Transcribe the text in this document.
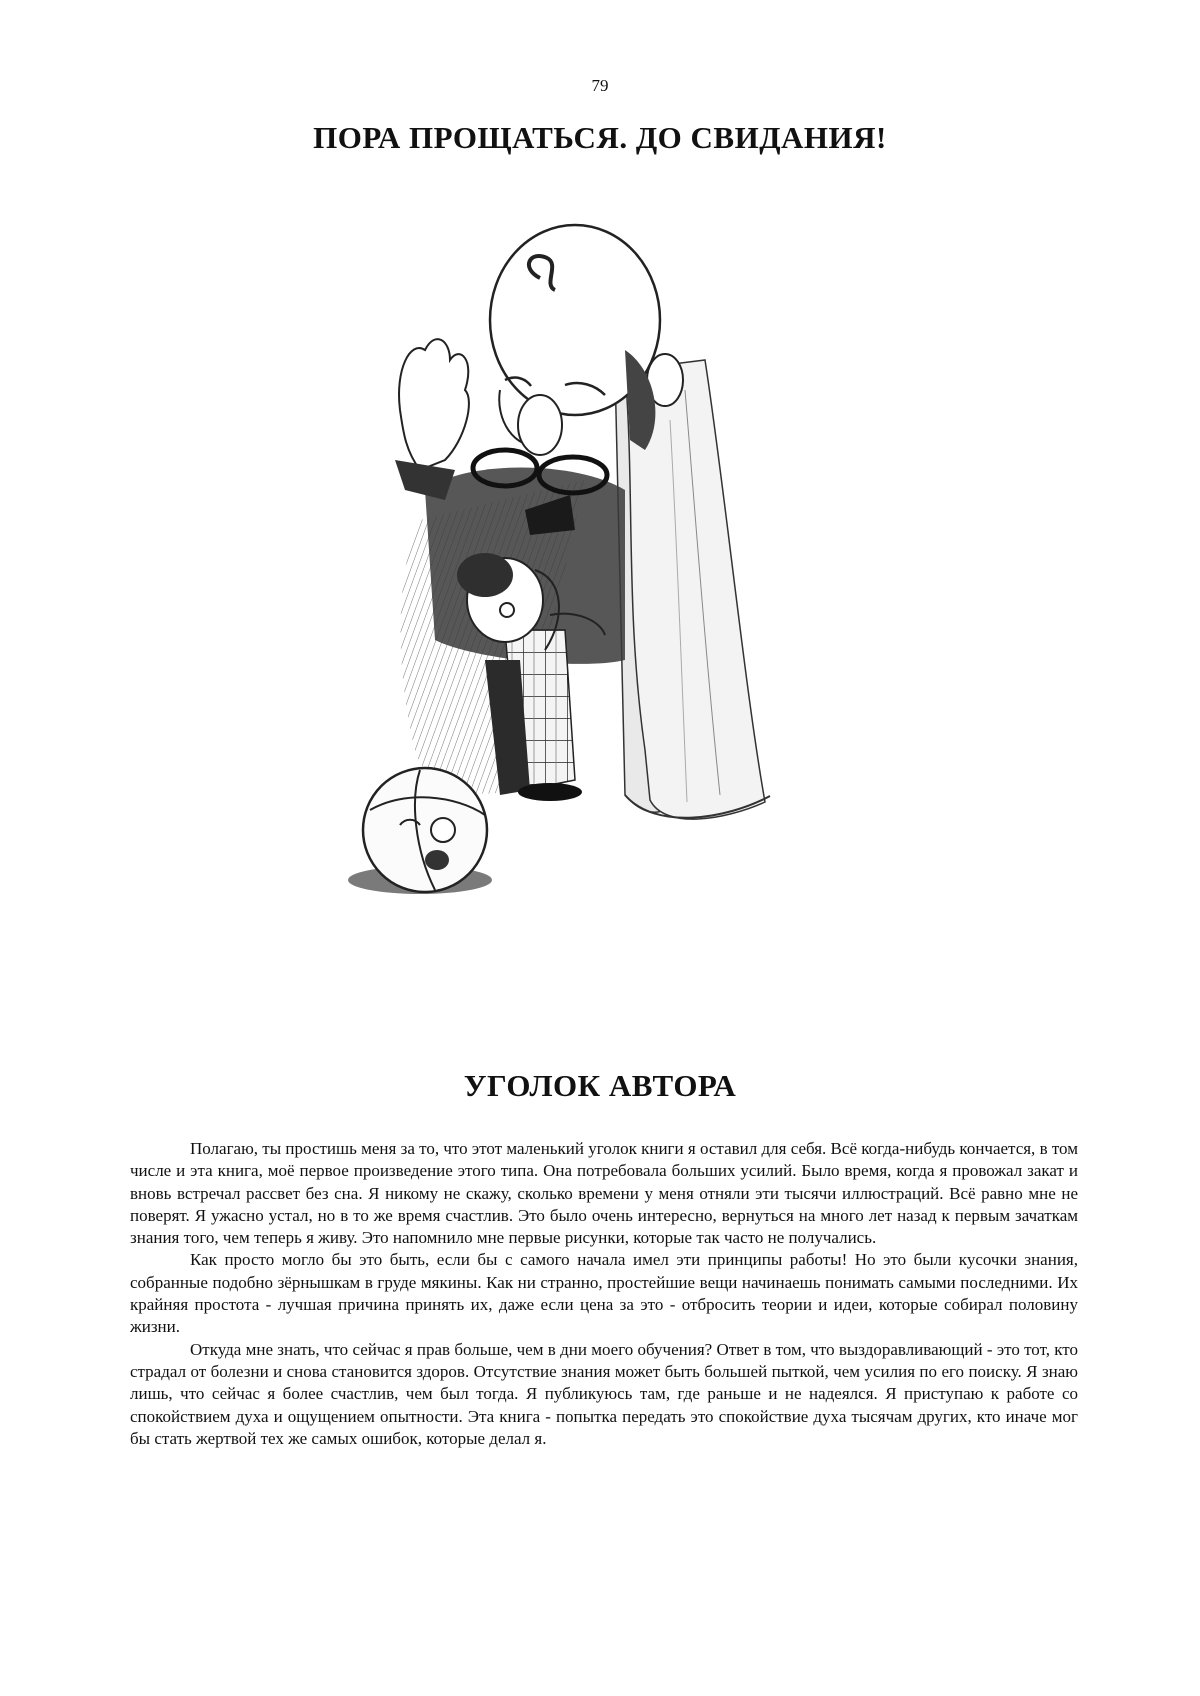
79
ПОРА ПРОЩАТЬСЯ. ДО СВИДАНИЯ!
УГОЛОК АВТОРА

Полагаю, ты простишь меня за то, что этот маленький уголок книги я оставил для себя. Всё когда-нибудь кончается, в том числе и эта книга, моё первое произведение этого типа. Она потребовала больших усилий. Было время, когда я провожал закат и вновь встречал рассвет без сна. Я никому не скажу, сколько времени у меня отняли эти тысячи иллюстраций. Всё равно мне не поверят. Я ужасно устал, но в то же время счастлив. Это было очень интересно, вернуться на много лет назад к первым зачаткам знания того, чем теперь я живу. Это напомнило мне первые рисунки, которые так часто не получались.

Как просто могло бы это быть, если бы с самого начала имел эти принципы работы! Но это были кусочки знания, собранные подобно зёрнышкам в груде мякины. Как ни странно, простейшие вещи начинаешь понимать самыми последними. Их крайняя простота - лучшая причина принять их, даже если цена за это - отбросить теории и идеи, которые собирал половину жизни.

Откуда мне знать, что сейчас я прав больше, чем в дни моего обучения? Ответ в том, что выздоравливающий - это тот, кто страдал от болезни и снова становится здоров. Отсутствие знания может быть большей пыткой, чем усилия по его поиску. Я знаю лишь, что сейчас я более счастлив, чем был тогда. Я публикуюсь там, где раньше и не надеялся. Я приступаю к работе со спокойствием духа и ощущением опытности. Эта книга - попытка передать это спокойствие духа тысячам других, кто иначе мог бы стать жертвой тех же самых ошибок, которые делал я.
